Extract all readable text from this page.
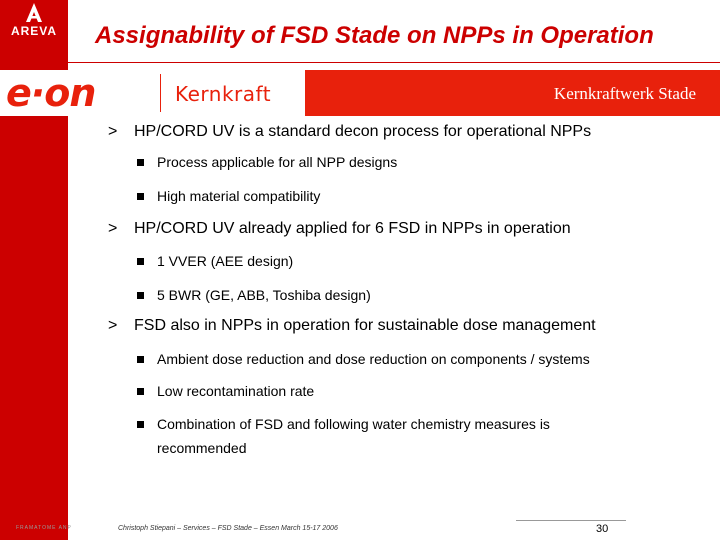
AREVA	Assignability of FSD Stade on NPPs in Operation
e·on	Kernkraft	Kernkraftwerk Stade
> HP/CORD UV is a standard decon process for operational NPPs
Process applicable for all NPP designs
High material compatibility
> HP/CORD UV already applied for 6 FSD in NPPs in operation
1 VVER (AEE design)
5 BWR (GE, ABB, Toshiba design)
> FSD also in NPPs in operation for sustainable dose management
Ambient dose reduction and dose reduction on components / systems
Low recontamination rate
Combination of FSD and following water chemistry measures is recommended
FRAMATOME ANP	Christoph Stiepani – Services – FSD Stade – Essen March 15-17 2006	30
